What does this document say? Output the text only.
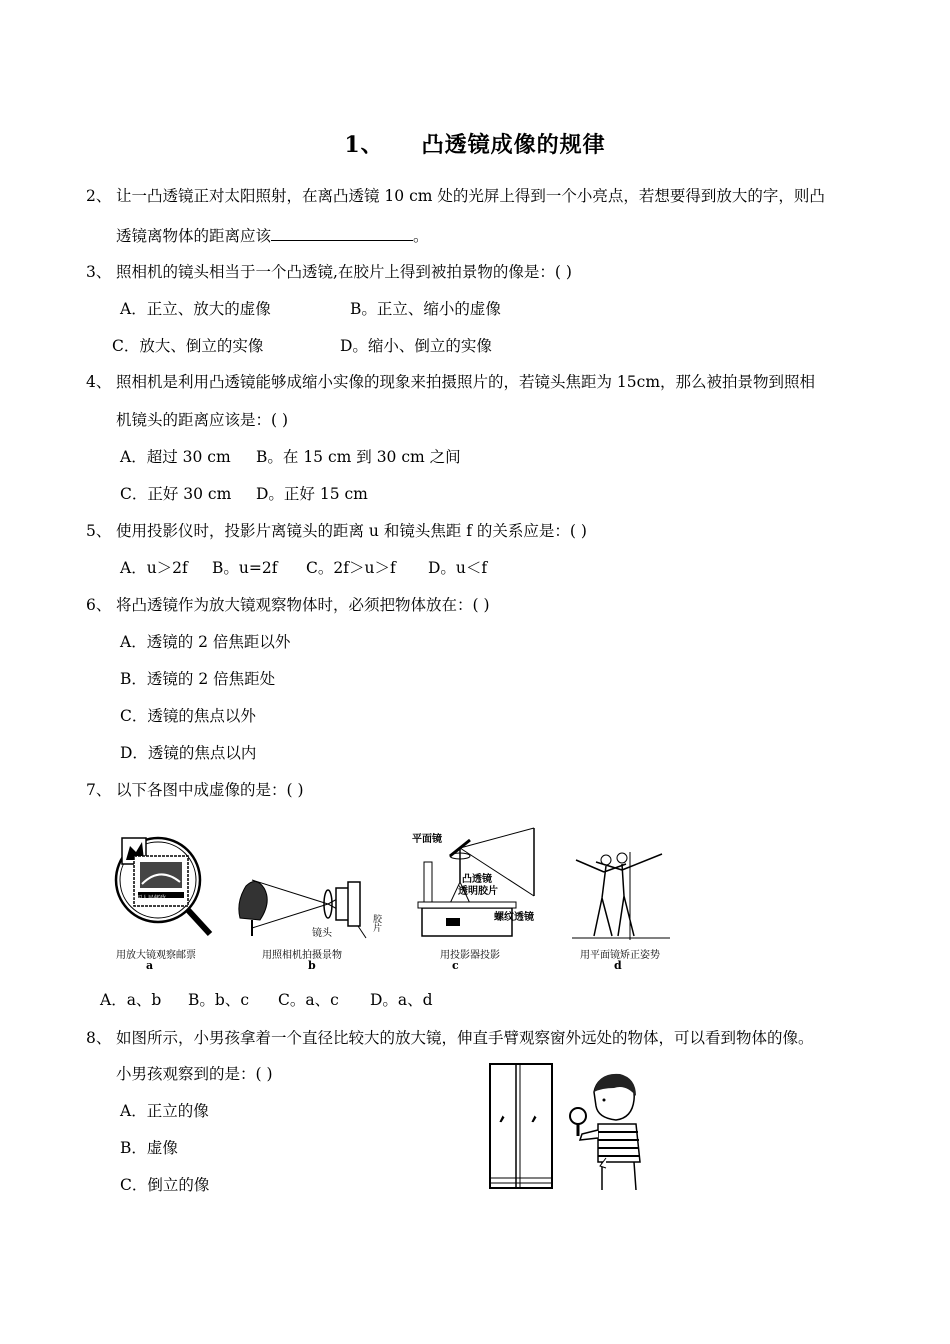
1、 凸透镜成像的规律
2、 让一凸透镜正对太阳照射，在离凸透镜 10 cm 处的光屏上得到一个小亮点，若想要得到放大的字，则凸
透镜离物体的距离应该	。
3、 照相机的镜头相当于一个凸透镜,在胶片上得到被拍景物的像是：( )
A．正立、放大的虚像	B。正立、缩小的虚像
C．放大、倒立的实像	D。缩小、倒立的实像
4、 照相机是利用凸透镜能够成缩小实像的现象来拍摄照片的，若镜头焦距为 15cm，那么被拍景物到照相
机镜头的距离应该是：( )
A．超过 30 cm B。在 15 cm 到 30 cm 之间
C．正好 30 cm D。正好 15 cm
5、 使用投影仪时，投影片离镜头的距离 u 和镜头焦距 f 的关系应是：( )
A．u＞2f B。u=2f C。2f＞u＞f D。u＜f
6、 将凸透镜作为放大镜观察物体时，必须把物体放在：( )
A．透镜的 2 倍焦距以外
B．透镜的 2 倍焦距处
C．透镜的焦点以外
D．透镜的焦点以内
7、 以下各图中成虚像的是：( )
中国人民邮政
用放大镜观察邮票
a
镜头
胶片
用照相机拍摄景物
b
平面镜
凸透镜
透明胶片
螺纹透镜
用投影器投影
c
用平面镜矫正姿势
d
A．a、b B。b、c C。a、c D。a、d
8、 如图所示，小男孩拿着一个直径比较大的放大镜，伸直手臂观察窗外远处的物体，可以看到物体的像。
小男孩观察到的是：( )
A．正立的像
B．虚像
C．倒立的像
